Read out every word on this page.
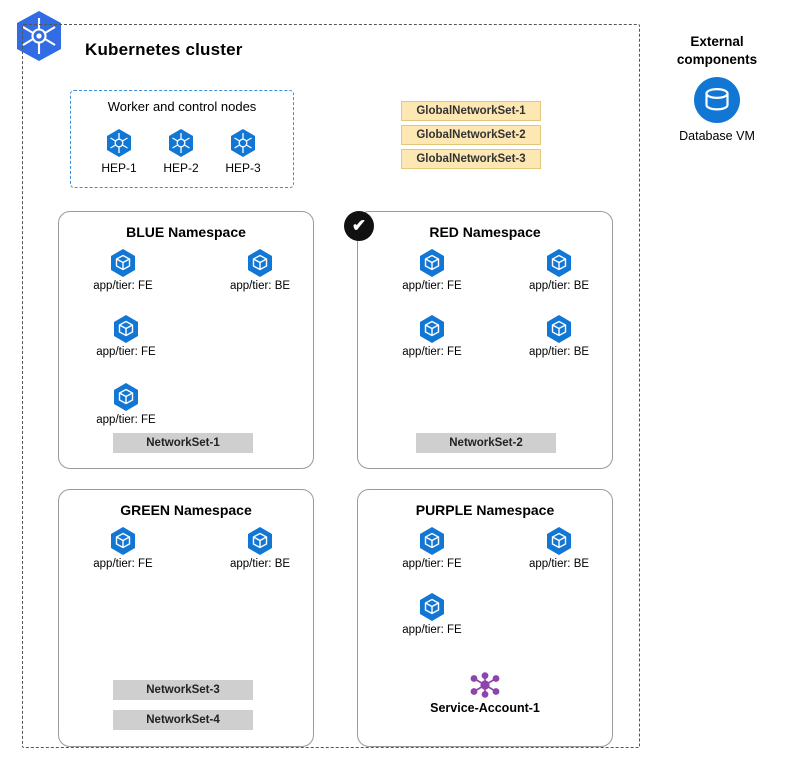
Kubernetes cluster
Worker and control nodes
HEP-1	HEP-2	HEP-3
GlobalNetworkSet-1
GlobalNetworkSet-2
GlobalNetworkSet-3
BLUE Namespace
app/tier: FE	app/tier: BE
app/tier: FE
app/tier: FE
NetworkSet-1
RED Namespace
app/tier: FE	app/tier: BE
app/tier: FE	app/tier: BE
NetworkSet-2
✔
GREEN Namespace
app/tier: FE	app/tier: BE
NetworkSet-3
NetworkSet-4
PURPLE Namespace
app/tier: FE	app/tier: BE
app/tier: FE
Service-Account-1
External components
Database VM
